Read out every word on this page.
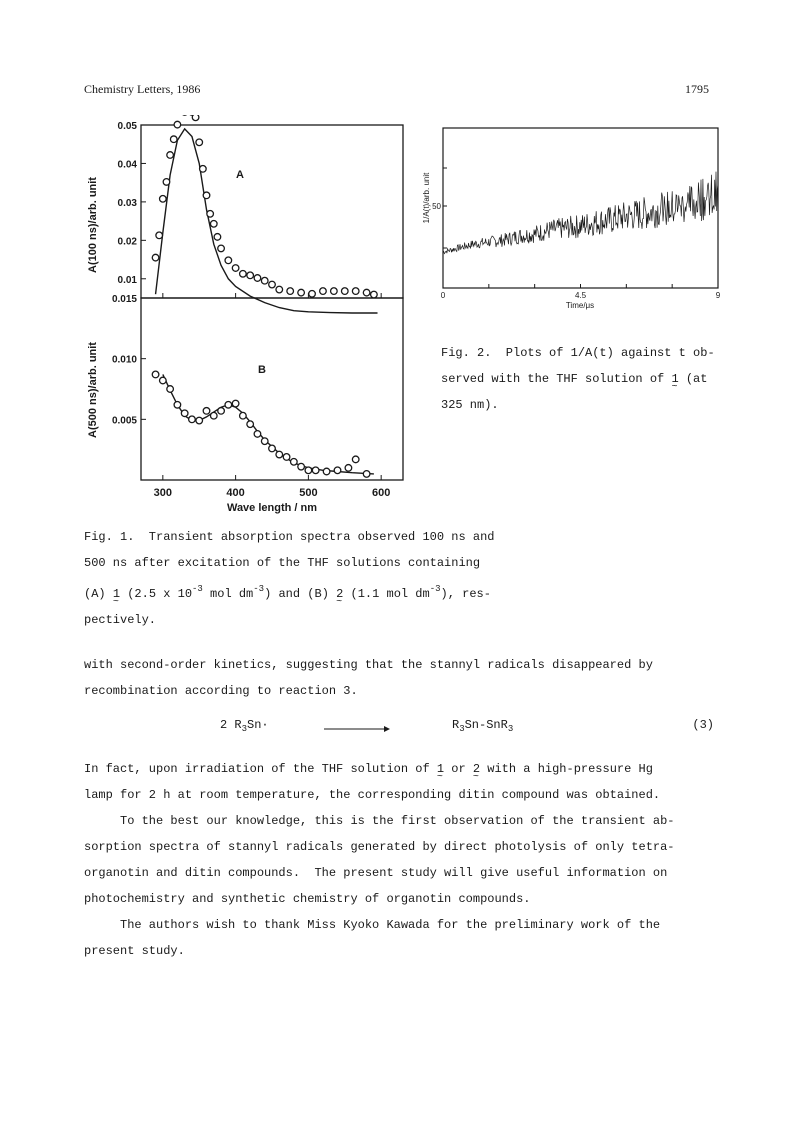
Chemistry Letters, 1986	1795
0.01
0.02
0.03
0.04
0.05
0.005
0.010
0.015
300	400	500	600
A
B
A(100 ns)/arb. unit
A(500 ns)/arb. unit
Wave length / nm
0	4.5	9
50
1/A(t)/arb. unit
Time/μs
Fig. 2.  Plots of 1/A(t) against t ob-
served with the THF solution of 1 ~ (at
325 nm).
Fig. 1.  Transient absorption spectra observed 100 ns and
500 ns after excitation of the THF solutions containing
(A) 1 ~ (2.5 x $10^{-3}$ mol $dm^{-3}$) and (B) 2 ~ (1.1 mol $dm^{-3}$), res-
pectively.
with second-order kinetics, suggesting that the stannyl radicals disappeared by
recombination according to reaction 3.
2 $R_3Sn\cdot$	$R_3Sn-SnR_3$	(3)
In fact, upon irradiation of the THF solution of 1 ~ or 2 ~ with a high-pressure Hg
lamp for 2 h at room temperature, the corresponding ditin compound was obtained.
To the best our knowledge, this is the first observation of the transient ab-
sorption spectra of stannyl radicals generated by direct photolysis of only tetra-
organotin and ditin compounds.  The present study will give useful information on
photochemistry and synthetic chemistry of organotin compounds.
The authors wish to thank Miss Kyoko Kawada for the preliminary work of the
present study.
